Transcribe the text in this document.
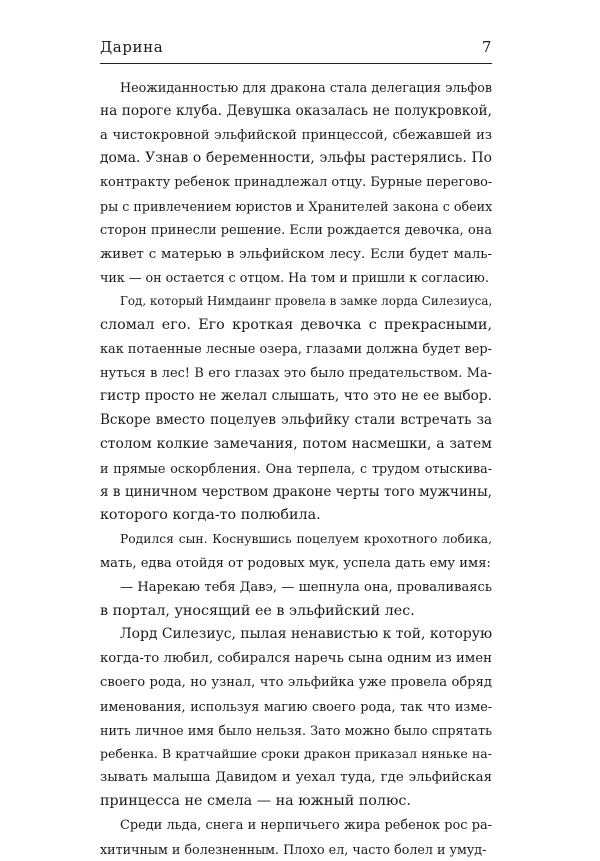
Дарина	7

Неожиданностью для дракона стала делегация эльфов
на пороге клуба. Девушка оказалась не полукровкой,
а чистокровной эльфийской принцессой, сбежавшей из
дома. Узнав о беременности, эльфы растерялись. По
контракту ребенок принадлежал отцу. Бурные перегово-
ры с привлечением юристов и Хранителей закона с обеих
сторон принесли решение. Если рождается девочка, она
живет с матерью в эльфийском лесу. Если будет маль-
чик — он остается с отцом. На том и пришли к согласию.

Год, который Нимдаинг провела в замке лорда Силезиуса,
сломал его. Его кроткая девочка с прекрасными,
как потаенные лесные озера, глазами должна будет вер-
нуться в лес! В его глазах это было предательством. Ма-
гистр просто не желал слышать, что это не ее выбор.
Вскоре вместо поцелуев эльфийку стали встречать за
столом колкие замечания, потом насмешки, а затем
и прямые оскорбления. Она терпела, с трудом отыскива-
я в циничном черством драконе черты того мужчины,
которого когда-то полюбила.

Родился сын. Коснувшись поцелуем крохотного лобика,
мать, едва отойдя от родовых мук, успела дать ему имя:

— Нарекаю тебя Давэ, — шепнула она, проваливаясь
в портал, уносящий ее в эльфийский лес.

Лорд Силезиус, пылая ненавистью к той, которую
когда-то любил, собирался наречь сына одним из имен
своего рода, но узнал, что эльфийка уже провела обряд
именования, используя магию своего рода, так что измe-
нить личное имя было нельзя. Зато можно было спрятать
ребенка. В кратчайшие сроки дракон приказал няньке на-
зывать малыша Давидом и уехал туда, где эльфийская
принцесса не смела — на южный полюс.

Среди льда, снега и нерпичьего жира ребенок рос ра-
хитичным и болезненным. Плохо ел, часто болел и умуд-
